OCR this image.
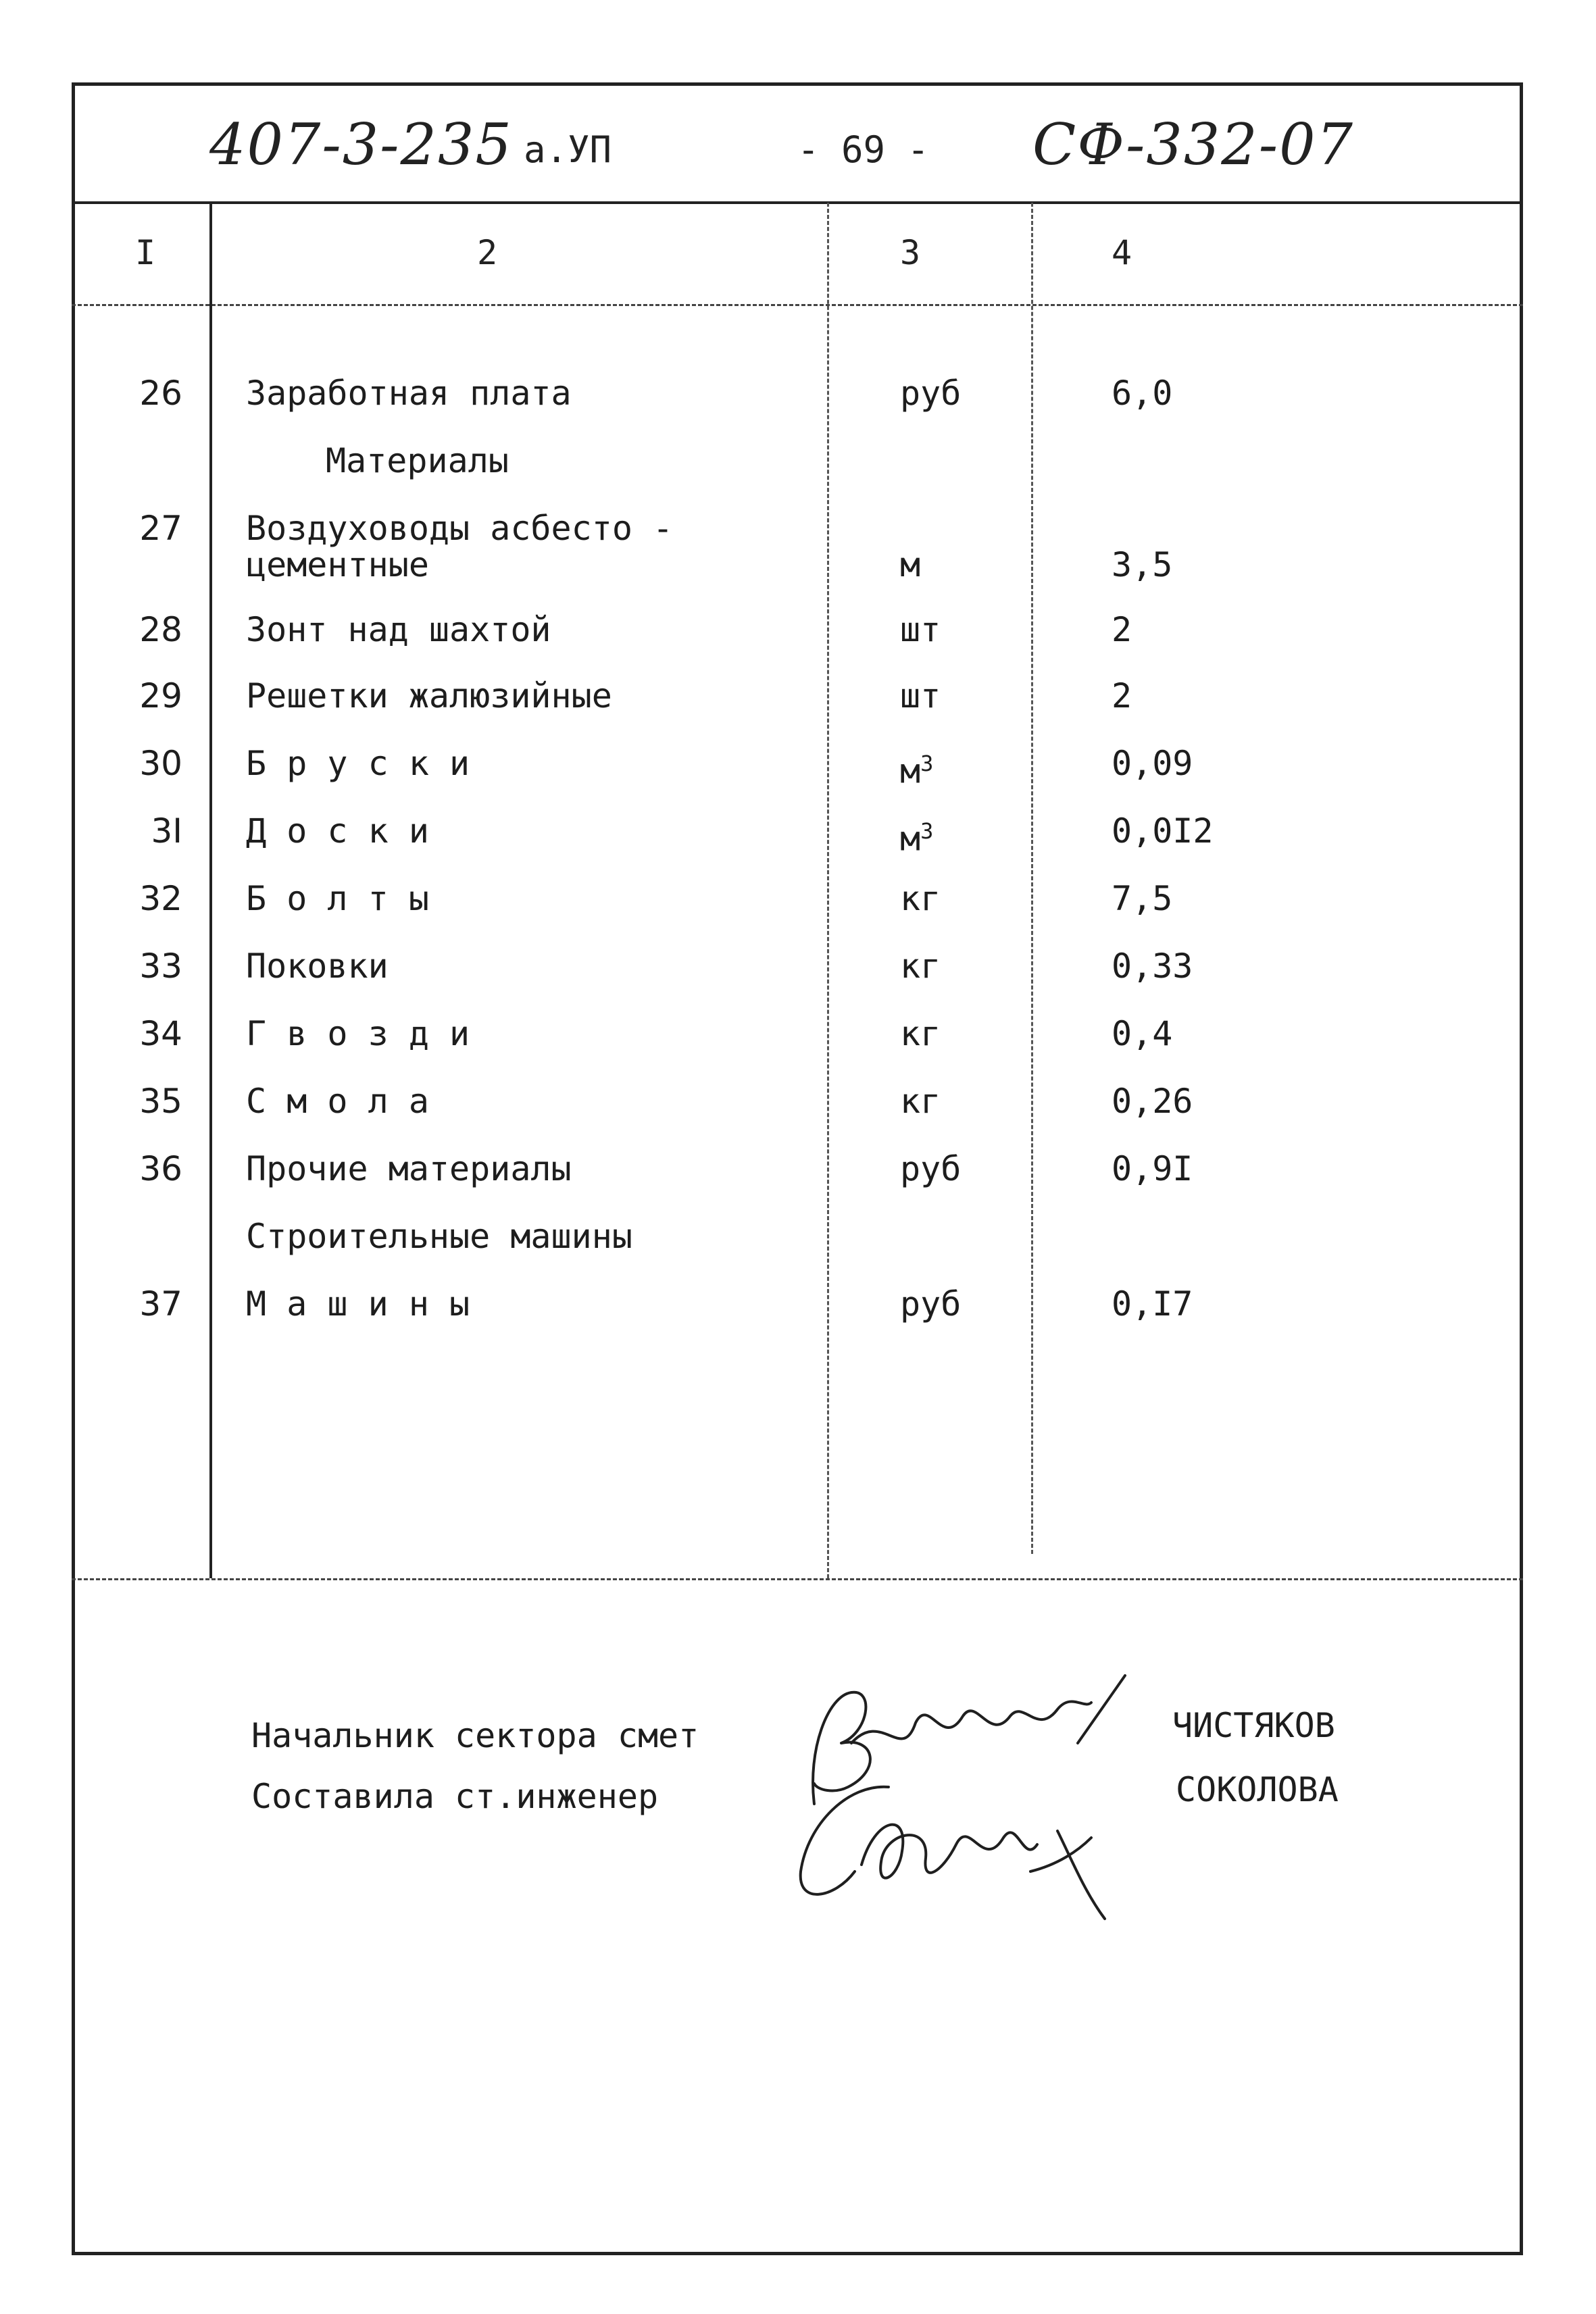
407-3-235 а.УП	- 69 - СФ-332-07
I	2	3	4
26 Заработная плата	руб	6,0
Материалы
27 Воздуховоды асбесто -
цементные	м	3,5
28 Зонт над шахтой	шт	2
29 Решетки жалюзийные	шт	2
30 Б р у с к и	$м^3$	0,09
3I Д о с к и	$м^3$	0,0I2
32 Б о л т ы	кг	7,5
33 Поковки	кг	0,33
34 Г в о з д и	кг	0,4
35 С м о л а	кг	0,26
36 Прочие материалы	руб	0,9I
Строительные машины
37 М а ш и н ы	руб	0,I7
Начальник сектора смет
Составила ст.инженер
ЧИСТЯКОВ
СОКОЛОВА
